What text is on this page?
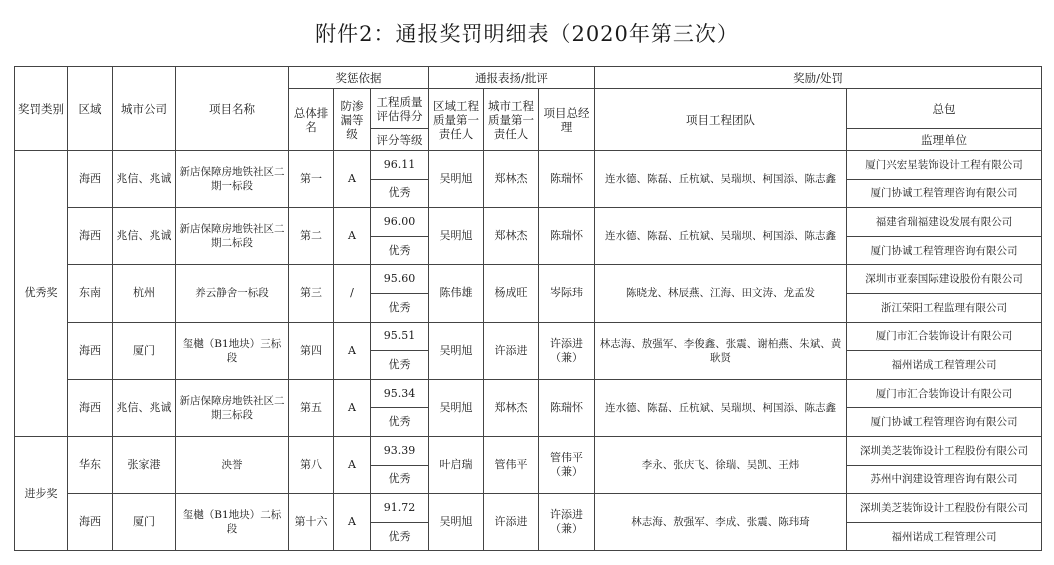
附件2：通报奖罚明细表（2020年第三次）
奖罚类别	区域	城市公司	项目名称	奖惩依据			通报表扬/批评			奖励/处罚	
				总体排名	防渗漏等级	工程质量评估得分	区域工程质量第一责任人	城市工程质量第一责任人	项目总经理	项目工程团队	总包

						评分等级					监理单位
优秀奖	海西	兆信、兆诚	新店保障房地铁社区二期一标段	第一	A	96.11	吴明旭	郑林杰	陈瑞怀	连水德、陈磊、丘杭斌、吴瑞坝、柯国添、陈志鑫	厦门兴宏星装饰设计工程有限公司
						优秀					厦门协诚工程管理咨询有限公司
	海西	兆信、兆诚	新店保障房地铁社区二期二标段	第二	A	96.00	吴明旭	郑林杰	陈瑞怀	连水德、陈磊、丘杭斌、吴瑞坝、柯国添、陈志鑫	福建省瑞福建设发展有限公司
						优秀					厦门协诚工程管理咨询有限公司
	东南	杭州	养云静舍一标段	第三	/	95.60	陈伟雄	杨成旺	岑际玮	陈晓龙、林辰燕、江海、田文涛、龙孟发	深圳市亚泰国际建设股份有限公司
						优秀					浙江荣阳工程监理有限公司
	海西	厦门	玺樾（B1地块）三标段	第四	A	95.51	吴明旭	许添进	许添进（兼）	林志海、敖强军、李俊鑫、张震、谢柏燕、朱斌、黄耿贤	厦门市汇合装饰设计有限公司
						优秀					福州诺成工程管理公司
	海西	兆信、兆诚	新店保障房地铁社区二期三标段	第五	A	95.34	吴明旭	郑林杰	陈瑞怀	连水德、陈磊、丘杭斌、吴瑞坝、柯国添、陈志鑫	厦门市汇合装饰设计有限公司
						优秀					厦门协诚工程管理咨询有限公司
进步奖	华东	张家港	泱誉	第八	A	93.39	叶启瑞	管伟平	管伟平（兼）	李永、张庆飞、徐瑞、吴凯、王炜	深圳美芝装饰设计工程股份有限公司
						优秀					苏州中润建设管理咨询有限公司
	海西	厦门	玺樾（B1地块）二标段	第十六	A	91.72	吴明旭	许添进	许添进（兼）	林志海、敖强军、李成、张震、陈玮琦	深圳美芝装饰设计工程股份有限公司
						优秀					福州诺成工程管理公司
